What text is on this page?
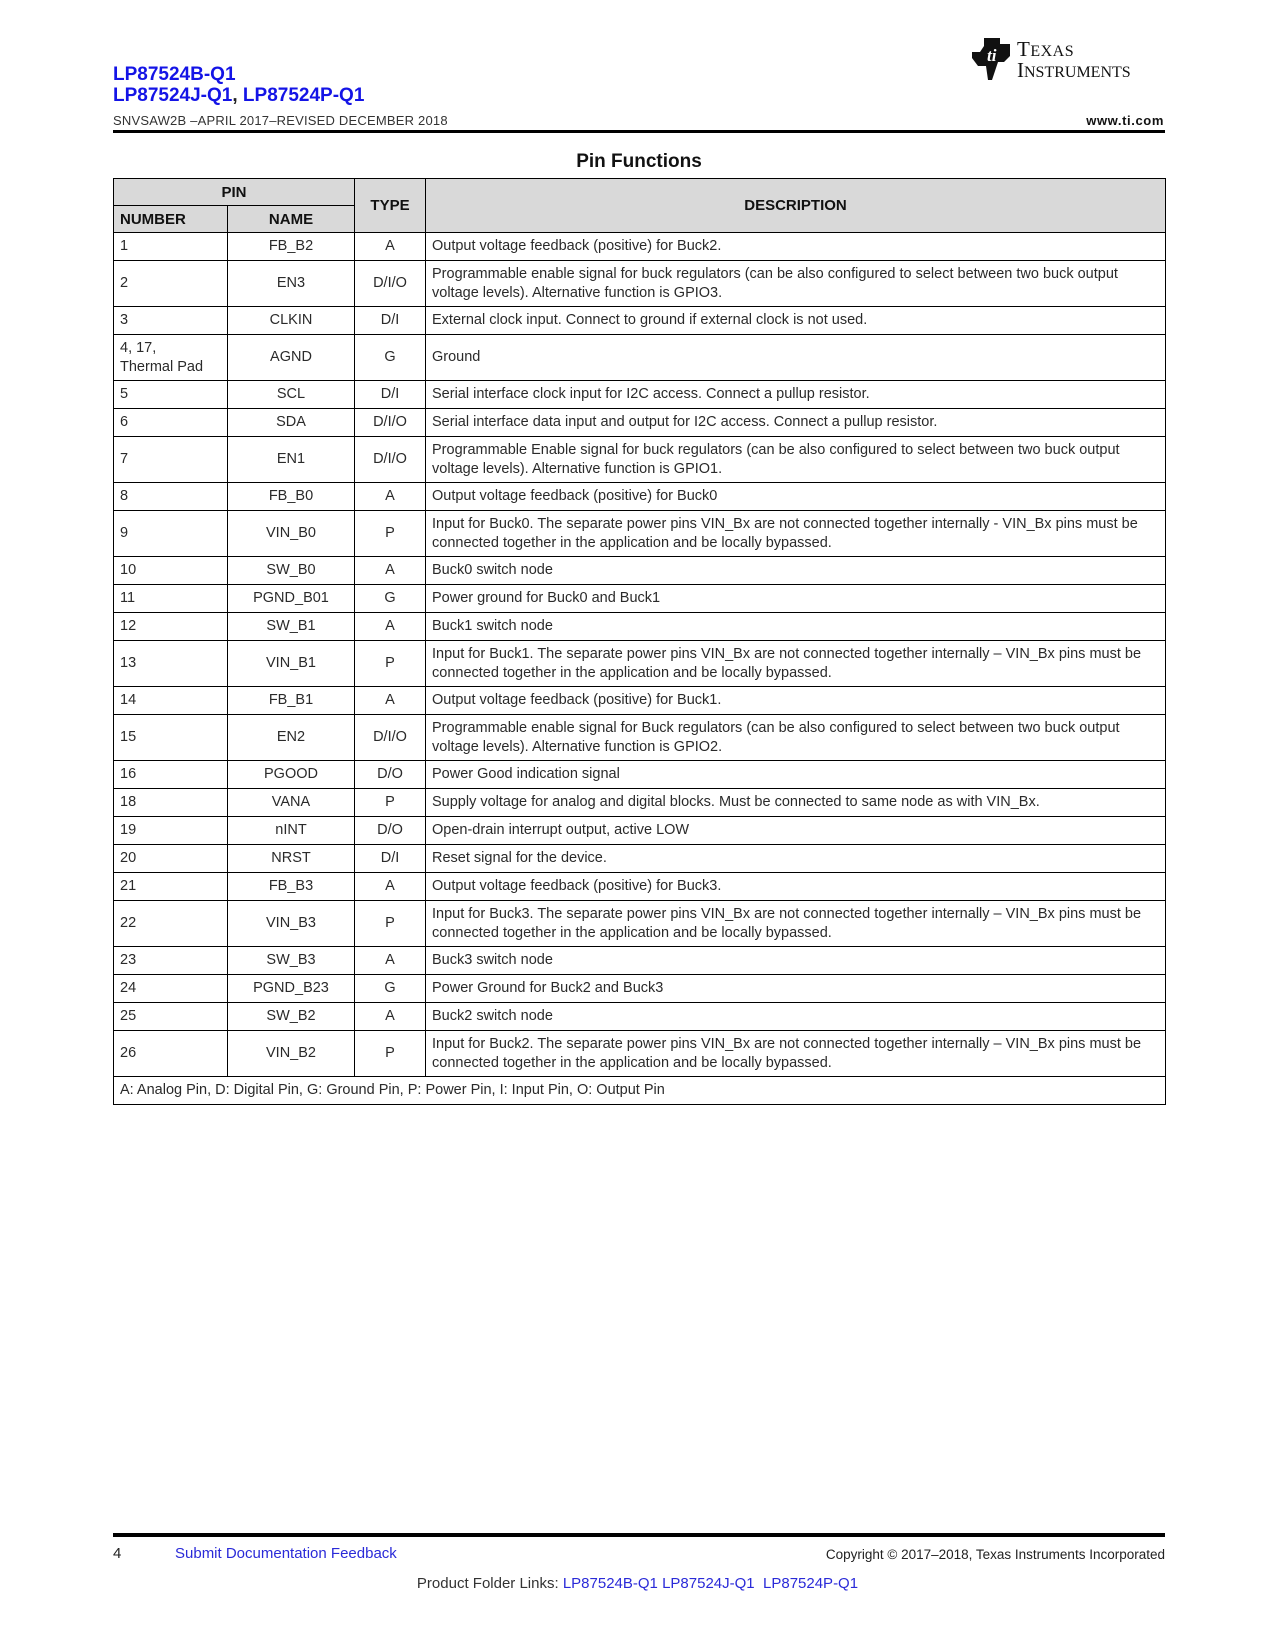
LP87524B-Q1
LP87524J-Q1, LP87524P-Q1
ti TEXAS
INSTRUMENTS
SNVSAW2B –APRIL 2017–REVISED DECEMBER 2018	www.ti.com
Pin Functions
PIN		TYPE	DESCRIPTION
NUMBER	NAME		
1	FB_B2	A	Output voltage feedback (positive) for Buck2.
2	EN3	D/I/O	Programmable enable signal for buck regulators (can be also configured to select between two buck output voltage levels). Alternative function is GPIO3.
3	CLKIN	D/I	External clock input. Connect to ground if external clock is not used.
4, 17,
Thermal Pad	AGND	G	Ground
5	SCL	D/I	Serial interface clock input for I2C access. Connect a pullup resistor.
6	SDA	D/I/O	Serial interface data input and output for I2C access. Connect a pullup resistor.
7	EN1	D/I/O	Programmable Enable signal for buck regulators (can be also configured to select between two buck output voltage levels). Alternative function is GPIO1.
8	FB_B0	A	Output voltage feedback (positive) for Buck0
9	VIN_B0	P	Input for Buck0. The separate power pins VIN_Bx are not connected together internally - VIN_Bx pins must be connected together in the application and be locally bypassed.
10	SW_B0	A	Buck0 switch node
11	PGND_B01	G	Power ground for Buck0 and Buck1
12	SW_B1	A	Buck1 switch node
13	VIN_B1	P	Input for Buck1. The separate power pins VIN_Bx are not connected together internally – VIN_Bx pins must be connected together in the application and be locally bypassed.
14	FB_B1	A	Output voltage feedback (positive) for Buck1.
15	EN2	D/I/O	Programmable enable signal for Buck regulators (can be also configured to select between two buck output voltage levels). Alternative function is GPIO2.
16	PGOOD	D/O	Power Good indication signal
18	VANA	P	Supply voltage for analog and digital blocks. Must be connected to same node as with VIN_Bx.
19	nINT	D/O	Open-drain interrupt output, active LOW
20	NRST	D/I	Reset signal for the device.
21	FB_B3	A	Output voltage feedback (positive) for Buck3.
22	VIN_B3	P	Input for Buck3. The separate power pins VIN_Bx are not connected together internally – VIN_Bx pins must be connected together in the application and be locally bypassed.
23	SW_B3	A	Buck3 switch node
24	PGND_B23	G	Power Ground for Buck2 and Buck3
25	SW_B2	A	Buck2 switch node
26	VIN_B2	P	Input for Buck2. The separate power pins VIN_Bx are not connected together internally – VIN_Bx pins must be connected together in the application and be locally bypassed.
A: Analog Pin, D: Digital Pin, G: Ground Pin, P: Power Pin, I: Input Pin, O: Output Pin			
4	Submit Documentation Feedback	Copyright © 2017–2018, Texas Instruments Incorporated
Product Folder Links: LP87524B-Q1 LP87524J-Q1 LP87524P-Q1
